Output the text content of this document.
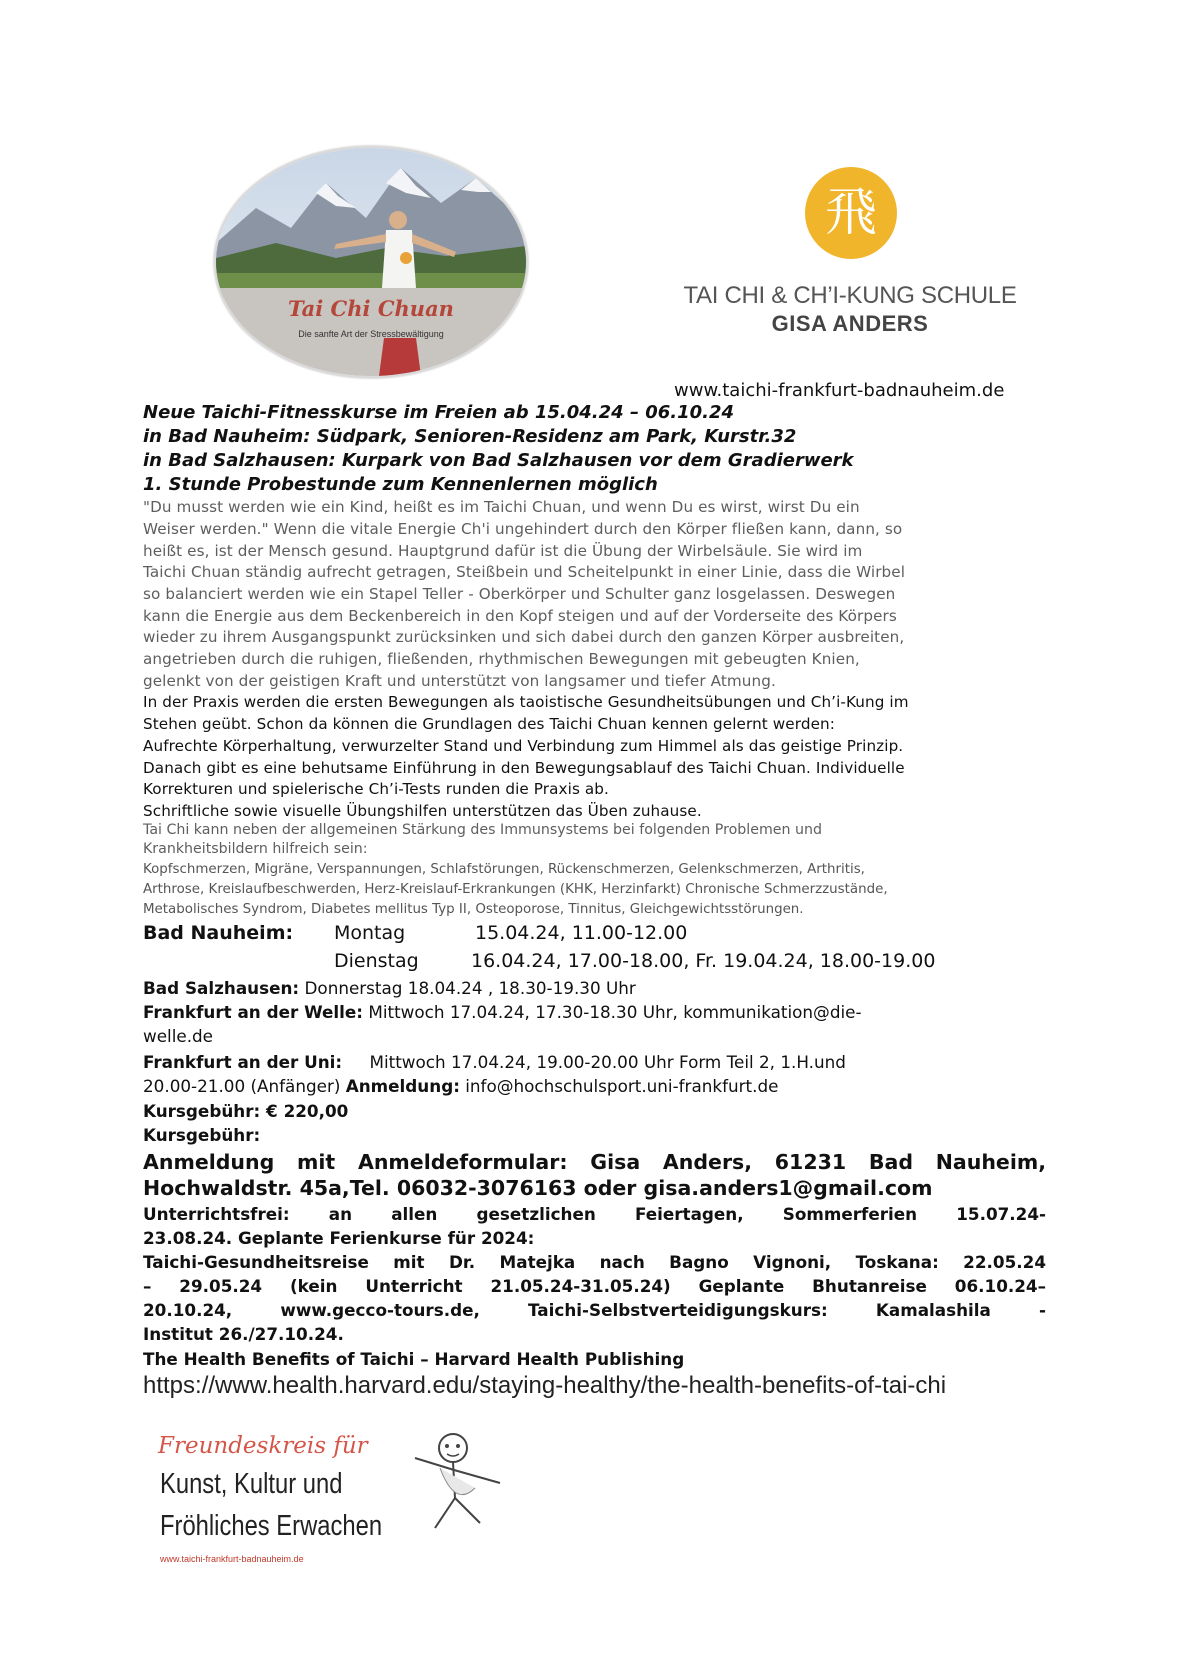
Tai Chi Chuan
Die sanfte Art der Stressbewältigung
飛
TAI CHI & CH’I-KUNG SCHULE
GISA ANDERS
www.taichi-frankfurt-badnauheim.de
Neue Taichi-Fitnesskurse im Freien ab 15.04.24 – 06.10.24
in Bad Nauheim: Südpark, Senioren-Residenz am Park, Kurstr.32
in Bad Salzhausen: Kurpark von Bad Salzhausen vor dem Gradierwerk
1. Stunde Probestunde zum Kennenlernen möglich
"Du musst werden wie ein Kind, heißt es im Taichi Chuan, und wenn Du es wirst, wirst Du ein
Weiser werden." Wenn die vitale Energie Ch'i ungehindert durch den Körper fließen kann, dann, so
heißt es, ist der Mensch gesund. Hauptgrund dafür ist die Übung der Wirbelsäule. Sie wird im
Taichi Chuan ständig aufrecht getragen, Steißbein und Scheitelpunkt in einer Linie, dass die Wirbel
so balanciert werden wie ein Stapel Teller - Oberkörper und Schulter ganz losgelassen. Deswegen
kann die Energie aus dem Beckenbereich in den Kopf steigen und auf der Vorderseite des Körpers
wieder zu ihrem Ausgangspunkt zurücksinken und sich dabei durch den ganzen Körper ausbreiten,
angetrieben durch die ruhigen, fließenden, rhythmischen Bewegungen mit gebeugten Knien,
gelenkt von der geistigen Kraft und unterstützt von langsamer und tiefer Atmung.
In der Praxis werden die ersten Bewegungen als taoistische Gesundheitsübungen und Ch’i-Kung im
Stehen geübt. Schon da können die Grundlagen des Taichi Chuan kennen gelernt werden:
Aufrechte Körperhaltung, verwurzelter Stand und Verbindung zum Himmel als das geistige Prinzip.
Danach gibt es eine behutsame Einführung in den Bewegungsablauf des Taichi Chuan. Individuelle
Korrekturen und spielerische Ch’i-Tests runden die Praxis ab.
Schriftliche sowie visuelle Übungshilfen unterstützen das Üben zuhause.
Tai Chi kann neben der allgemeinen Stärkung des Immunsystems bei folgenden Problemen und
Krankheitsbildern hilfreich sein:
Kopfschmerzen, Migräne, Verspannungen, Schlafstörungen, Rückenschmerzen, Gelenkschmerzen, Arthritis,
Arthrose, Kreislaufbeschwerden, Herz-Kreislauf-Erkrankungen (KHK, Herzinfarkt) Chronische Schmerzzustände,
Metabolisches Syndrom, Diabetes mellitus Typ II, Osteoporose, Tinnitus, Gleichgewichtsstörungen.
Bad Nauheim: Montag	15.04.24, 11.00-12.00
Dienstag	16.04.24, 17.00-18.00, Fr. 19.04.24, 18.00-19.00
Bad Salzhausen: Donnerstag 18.04.24 , 18.30-19.30 Uhr
Frankfurt an der Welle: Mittwoch 17.04.24, 17.30-18.30 Uhr, kommunikation@die-
welle.de
Frankfurt an der Uni: Mittwoch 17.04.24, 19.00-20.00 Uhr Form Teil 2, 1.H.und
20.00-21.00 (Anfänger) Anmeldung: info@hochschulsport.uni-frankfurt.de
Kursgebühr: € 220,00
Kursgebühr:
Anmeldung mit Anmeldeformular: Gisa Anders, 61231 Bad Nauheim,
Hochwaldstr. 45a,Tel. 06032-3076163 oder gisa.anders1@gmail.com
Unterrichtsfrei: an allen gesetzlichen Feiertagen, Sommerferien 15.07.24-
23.08.24. Geplante Ferienkurse für 2024:
Taichi-Gesundheitsreise mit Dr. Matejka nach Bagno Vignoni, Toskana: 22.05.24
– 29.05.24 (kein Unterricht 21.05.24-31.05.24) Geplante Bhutanreise 06.10.24–
20.10.24, www.gecco-tours.de, Taichi-Selbstverteidigungskurs: Kamalashila -
Institut 26./27.10.24.
The Health Benefits of Taichi – Harvard Health Publishing
https://www.health.harvard.edu/staying-healthy/the-health-benefits-of-tai-chi
Freundeskreis für
Kunst, Kultur und
Fröhliches Erwachen
www.taichi-frankfurt-badnauheim.de
